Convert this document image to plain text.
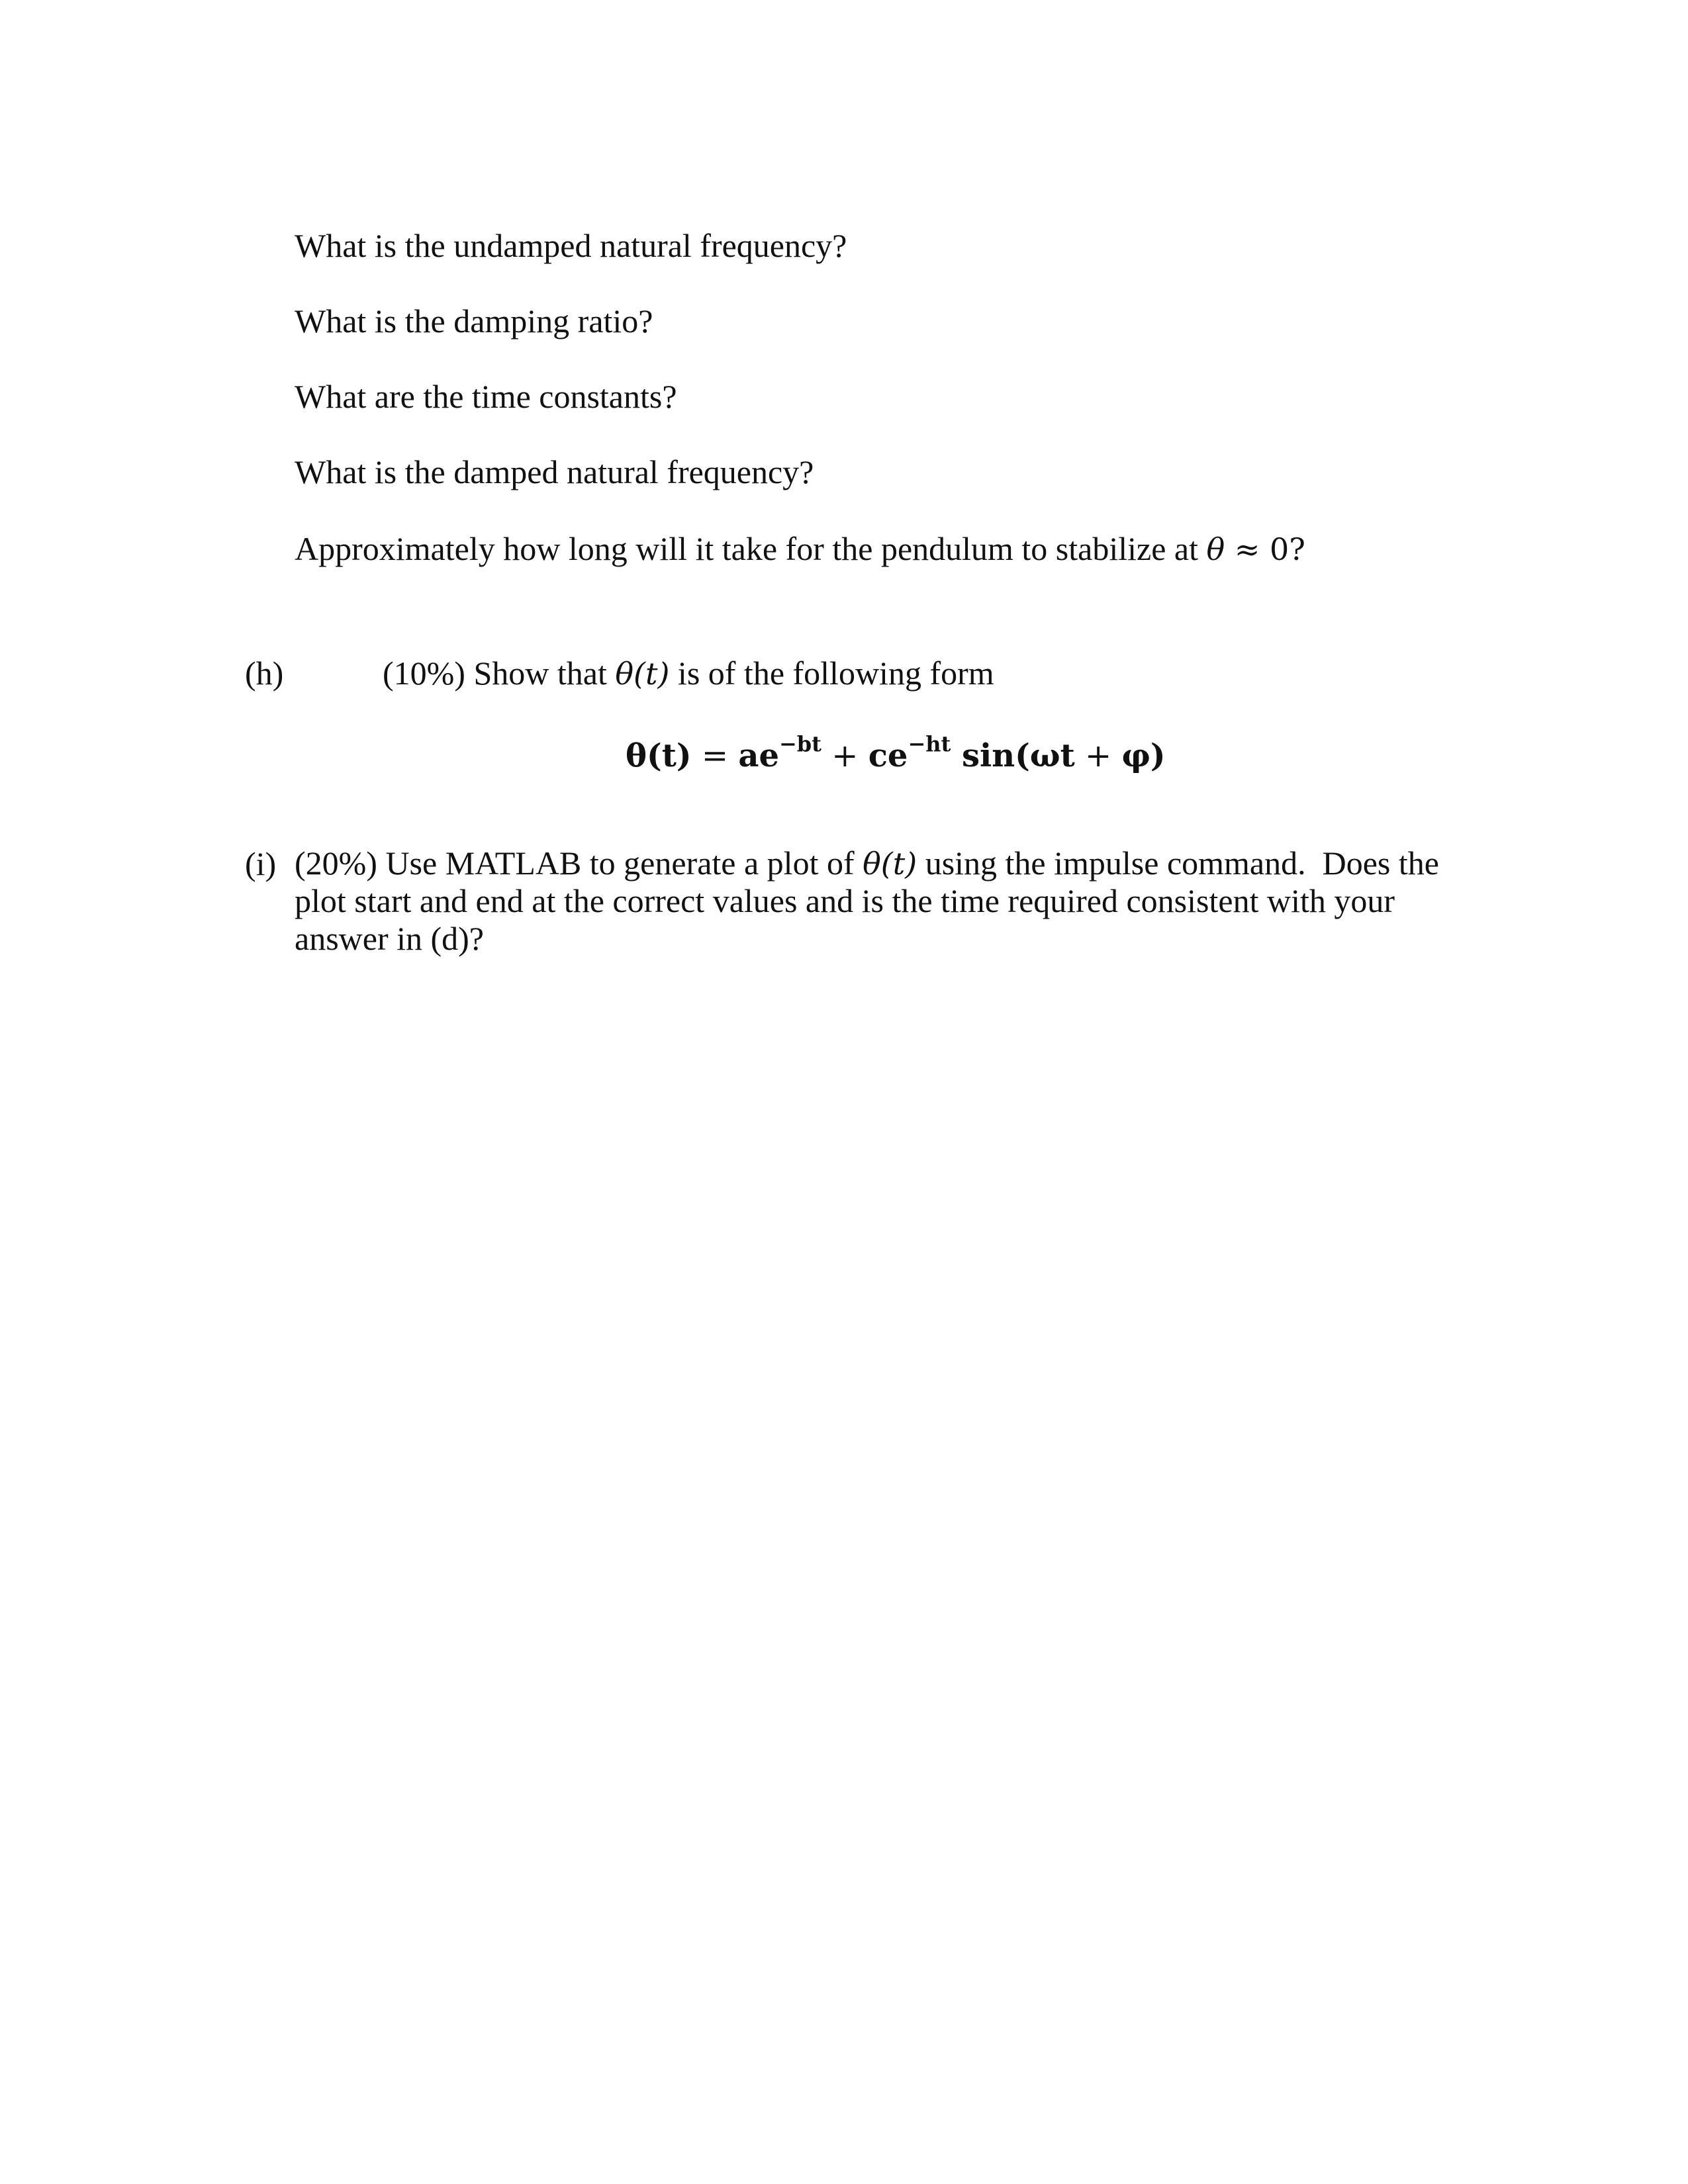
What is the undamped natural frequency?
What is the damping ratio?
What are the time constants?
What is the damped natural frequency?
Approximately how long will it take for the pendulum to stabilize at θ ≈ 0?
(h)	(10%) Show that θ(t) is of the following form
$\theta(t) = ae^{-bt} + ce^{-ht}$ sin(ωt + φ)
(i) (20%) Use MATLAB to generate a plot of θ(t) using the impulse command.  Does the
plot start and end at the correct values and is the time required consistent with your
answer in (d)?
